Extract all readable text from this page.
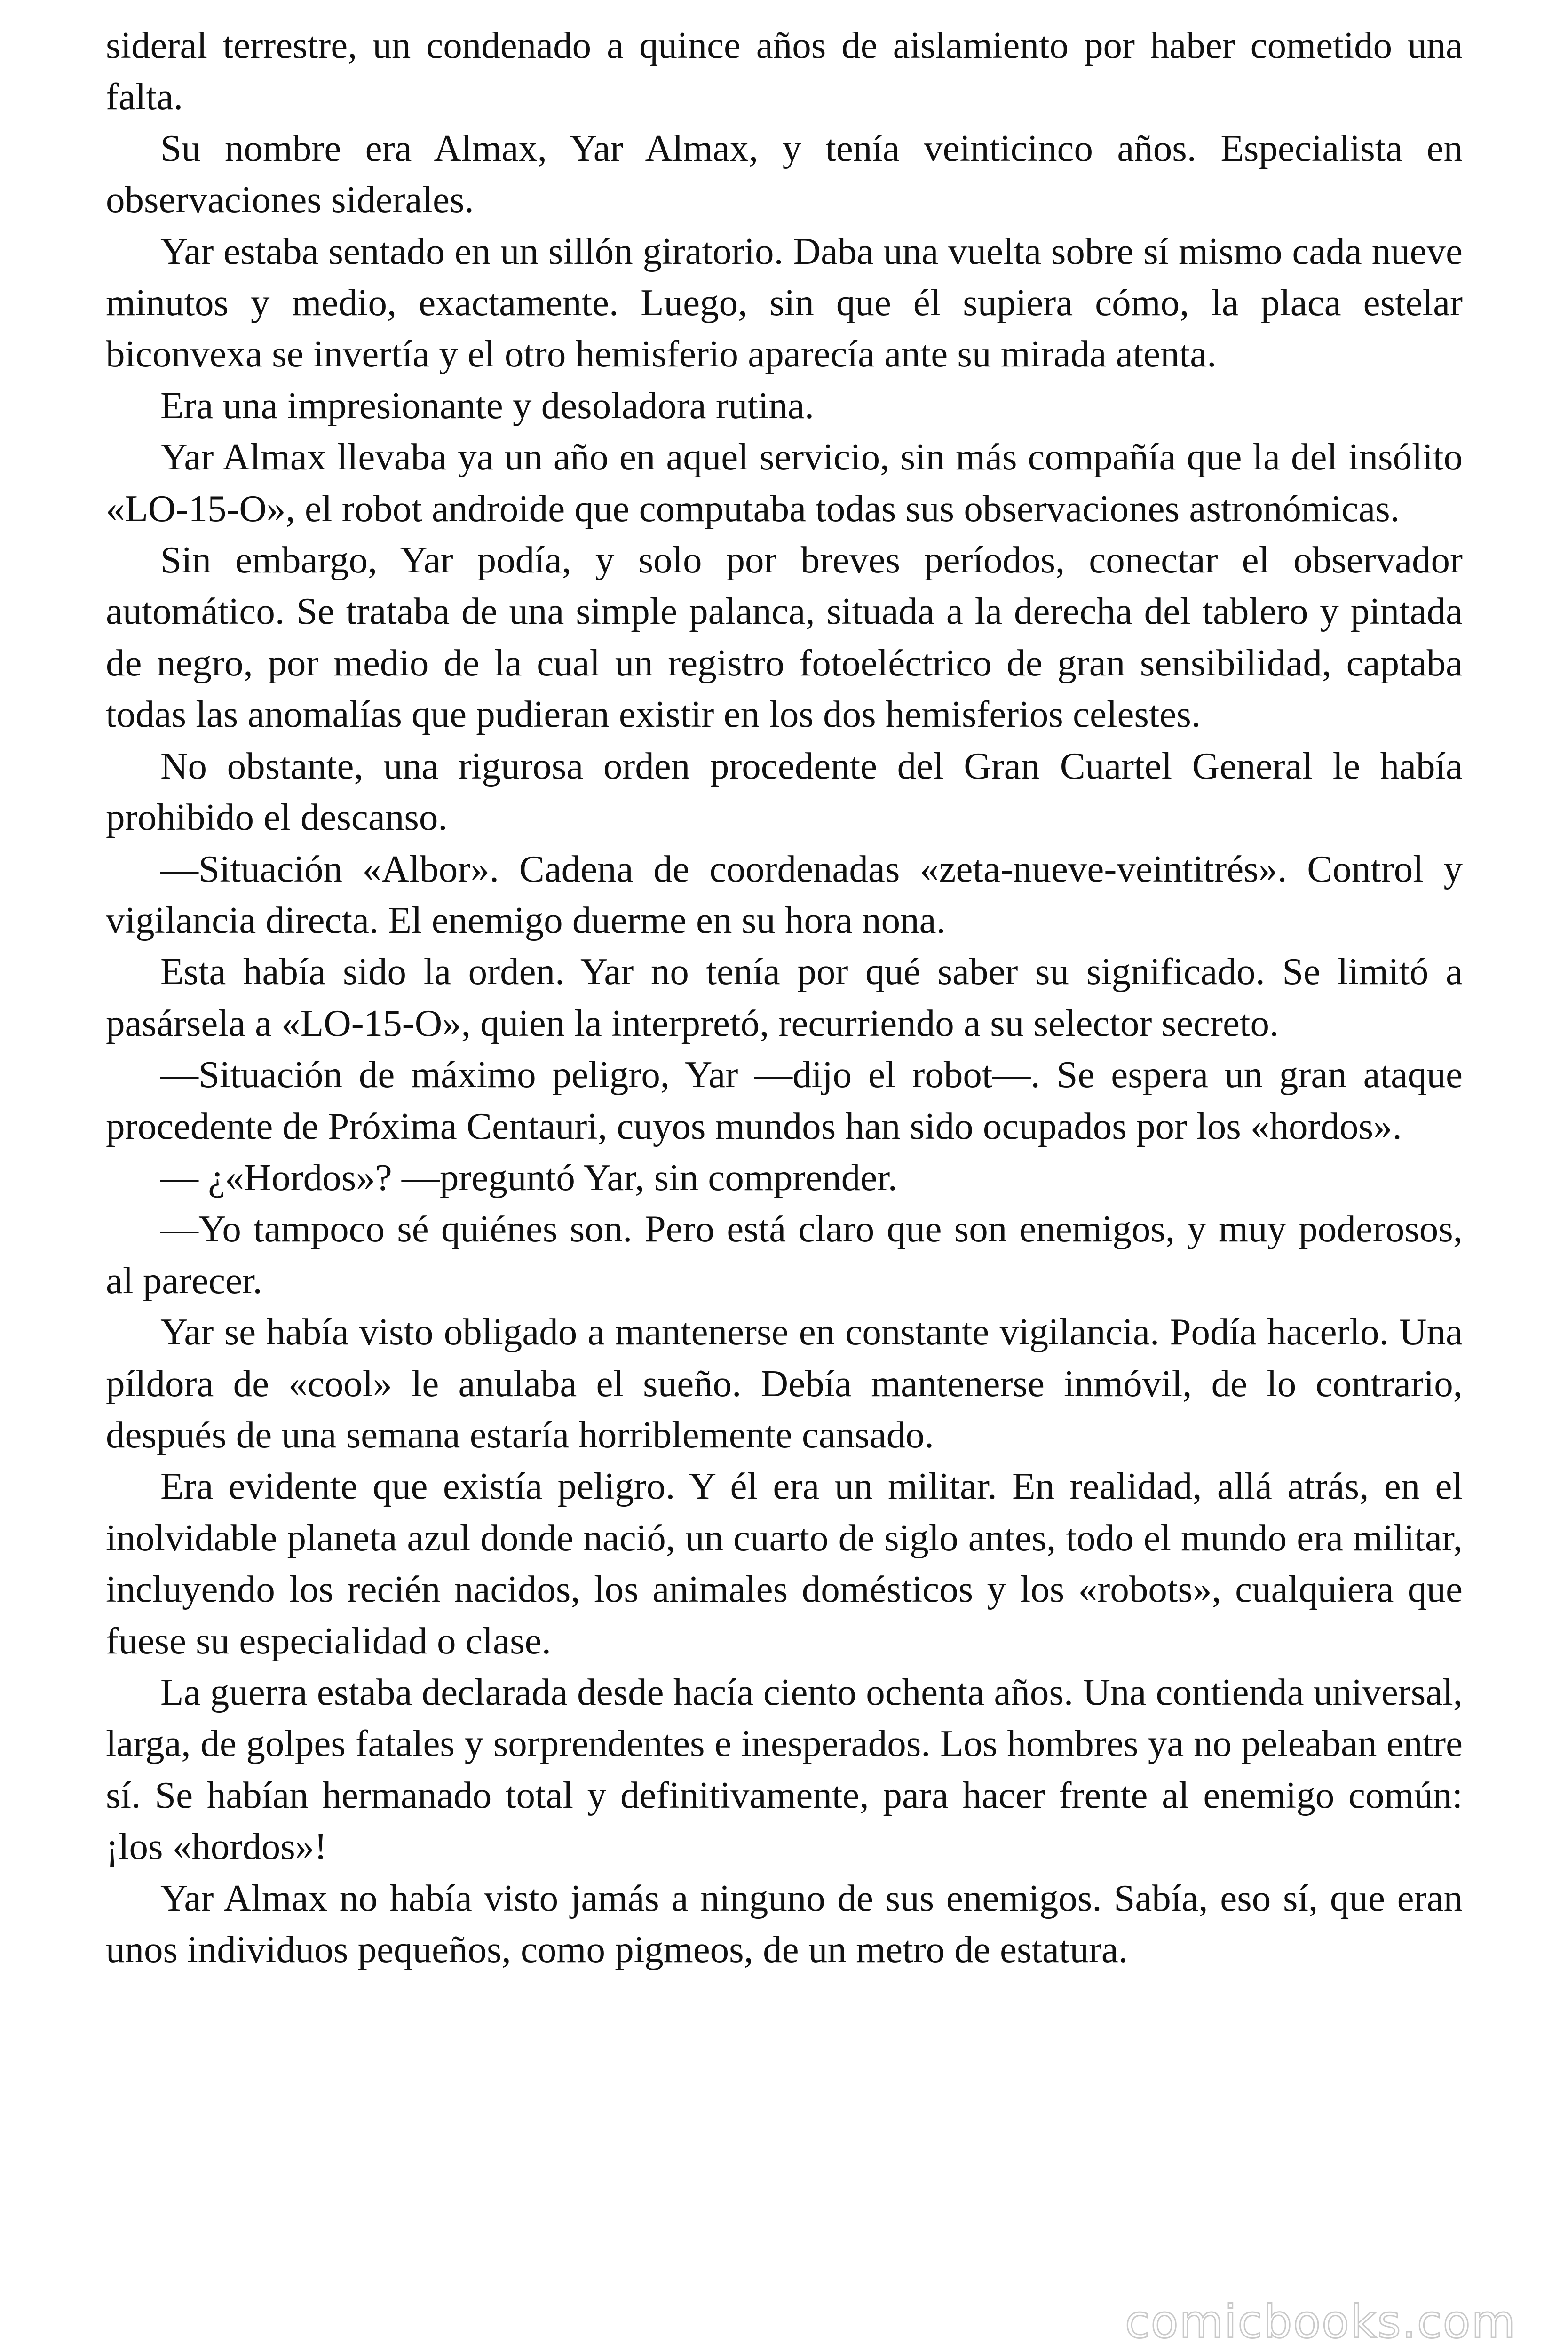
sideral terrestre, un condenado a quince años de aislamiento por haber cometido una falta.

Su nombre era Almax, Yar Almax, y tenía veinticinco años. Especialista en observaciones siderales.

Yar estaba sentado en un sillón giratorio. Daba una vuelta sobre sí mismo cada nueve minutos y medio, exactamente. Luego, sin que él supiera cómo, la placa estelar biconvexa se invertía y el otro hemisferio aparecía ante su mirada atenta.

Era una impresionante y desoladora rutina.

Yar Almax llevaba ya un año en aquel servicio, sin más compañía que la del insólito «LO-15-O», el robot androide que computaba todas sus observaciones astronómicas.

Sin embargo, Yar podía, y solo por breves períodos, conectar el observador automático. Se trataba de una simple palanca, situada a la derecha del tablero y pintada de negro, por medio de la cual un registro fotoeléctrico de gran sensibilidad, captaba todas las anomalías que pudieran existir en los dos hemisferios celestes.

No obstante, una rigurosa orden procedente del Gran Cuartel General le había prohibido el descanso.

—Situación «Albor». Cadena de coordenadas «zeta-nueve-veintitrés». Control y vigilancia directa. El enemigo duerme en su hora nona.

Esta había sido la orden. Yar no tenía por qué saber su significado. Se limitó a pasársela a «LO-15-O», quien la interpretó, recurriendo a su selector secreto.

—Situación de máximo peligro, Yar —dijo el robot—. Se espera un gran ataque procedente de Próxima Centauri, cuyos mundos han sido ocupados por los «hordos».

— ¿«Hordos»? —preguntó Yar, sin comprender.

—Yo tampoco sé quiénes son. Pero está claro que son enemigos, y muy poderosos, al parecer.

Yar se había visto obligado a mantenerse en constante vigilancia. Podía hacerlo. Una píldora de «cool» le anulaba el sueño. Debía mantenerse inmóvil, de lo contrario, después de una semana estaría horriblemente cansado.

Era evidente que existía peligro. Y él era un militar. En realidad, allá atrás, en el inolvidable planeta azul donde nació, un cuarto de siglo antes, todo el mundo era militar, incluyendo los recién nacidos, los animales domésticos y los «robots», cualquiera que fuese su especialidad o clase.

La guerra estaba declarada desde hacía ciento ochenta años. Una contienda universal, larga, de golpes fatales y sorprendentes e inesperados. Los hombres ya no peleaban entre sí. Se habían hermanado total y definitivamente, para hacer frente al enemigo común: ¡los «hordos»!

Yar Almax no había visto jamás a ninguno de sus enemigos. Sabía, eso sí, que eran unos individuos pequeños, como pigmeos, de un metro de estatura.

comicbooks.com
